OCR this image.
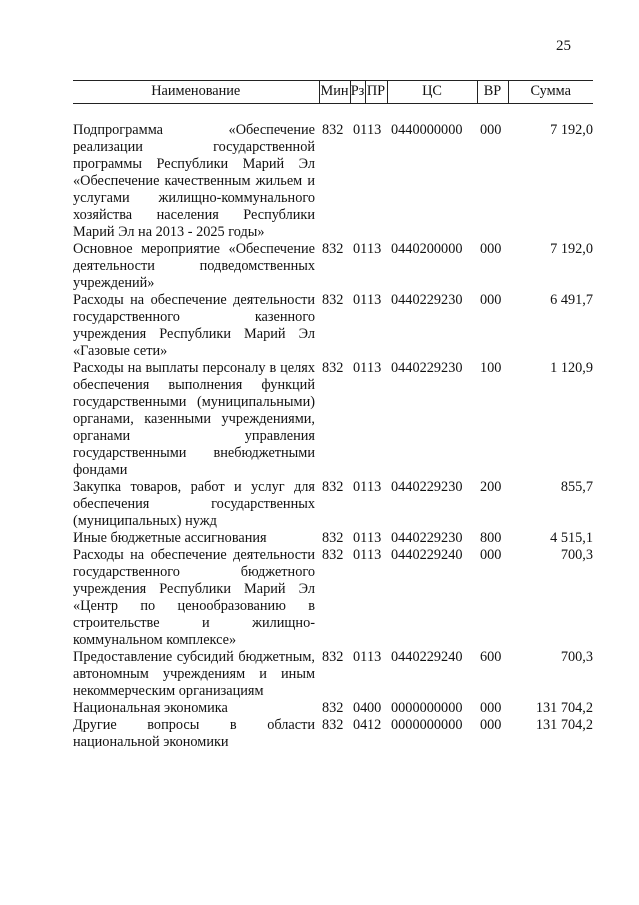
25
Наименование	Мин	Рз	ПР	ЦС	ВР	Сумма

Подпрограмма «Обеспечение реализации государственной программы Республики Марий Эл «Обеспечение качественным жильем и услугами жилищно-коммунального хозяйства населения Республики Марий Эл на 2013 - 2025 годы»	832	01	13	0440000000	000	7 192,0
Основное мероприятие «Обеспечение деятельности подведомственных учреждений»	832	01	13	0440200000	000	7 192,0
Расходы на обеспечение деятельности государственного казенного учреждения Республики Марий Эл «Газовые сети»	832	01	13	0440229230	000	6 491,7
Расходы на выплаты персоналу в целях обеспечения выполнения функций государственными (муниципальными) органами, казенными учреждениями, органами управления государственными внебюджетными фондами	832	01	13	0440229230	100	1 120,9
Закупка товаров, работ и услуг для обеспечения государственных (муниципальных) нужд	832	01	13	0440229230	200	855,7
Иные бюджетные ассигнования	832	01	13	0440229230	800	4 515,1
Расходы на обеспечение деятельности государственного бюджетного учреждения Республики Марий Эл «Центр по ценообразованию в строительстве и жилищно-коммунальном комплексе»	832	01	13	0440229240	000	700,3
Предоставление субсидий бюджетным, автономным учреждениям и иным некоммерческим организациям	832	01	13	0440229240	600	700,3
Национальная экономика	832	04	00	0000000000	000	131 704,2
Другие вопросы в области национальной экономики	832	04	12	0000000000	000	131 704,2
